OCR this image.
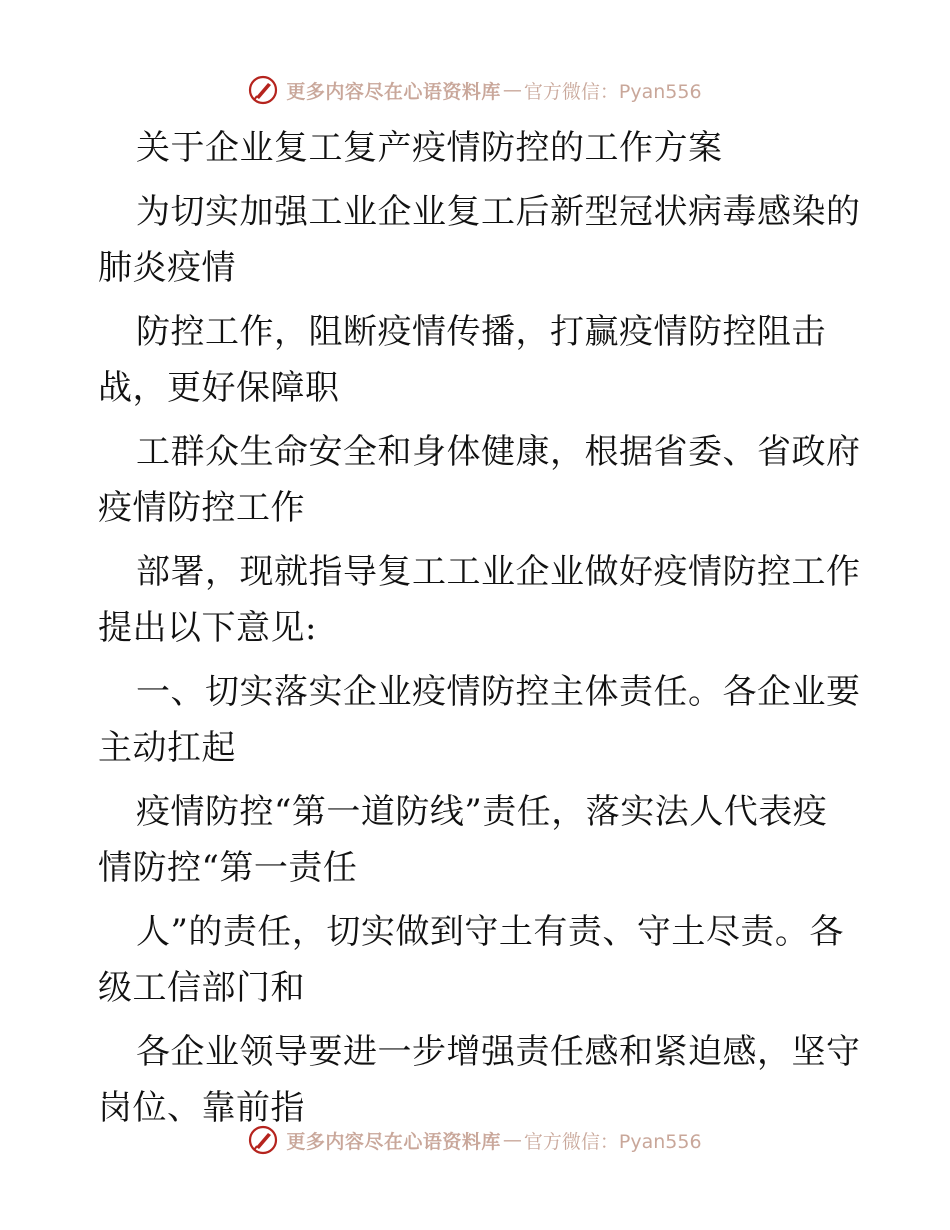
更多内容尽在心语资料库 — 官方微信：Pyan556
关于企业复工复产疫情防控的工作方案
为切实加强工业企业复工后新型冠状病毒感染的
肺炎疫情
防控工作，阻断疫情传播，打赢疫情防控阻击
战，更好保障职
工群众生命安全和身体健康，根据省委、省政府
疫情防控工作
部署，现就指导复工工业企业做好疫情防控工作
提出以下意见:
一、切实落实企业疫情防控主体责任。各企业要
主动扛起
疫情防控“第一道防线”责任，落实法人代表疫
情防控“第一责任
人”的责任，切实做到守土有责、守土尽责。各
级工信部门和
各企业领导要进一步增强责任感和紧迫感，坚守
岗位、靠前指
更多内容尽在心语资料库 — 官方微信：Pyan556
